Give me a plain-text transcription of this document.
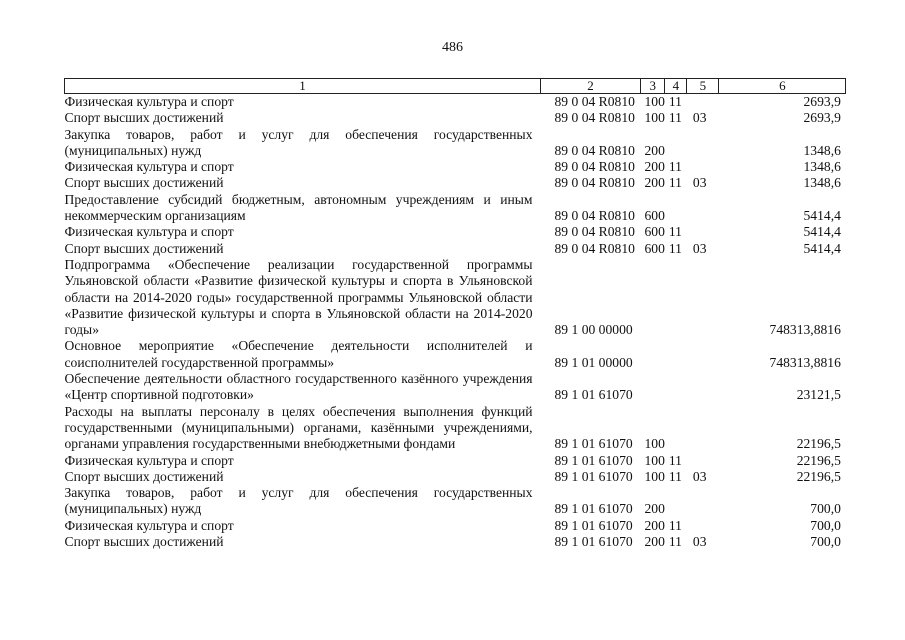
486
1	2	3	4	5	6
Физическая культура и спорт	89 0 04 R0810	100	11		2693,9
Спорт высших достижений	89 0 04 R0810	100	11	03	2693,9
Закупка товаров, работ и услуг для обеспечения государственных (муниципальных) нужд	89 0 04 R0810	200			1348,6
Физическая культура и спорт	89 0 04 R0810	200	11		1348,6
Спорт высших достижений	89 0 04 R0810	200	11	03	1348,6
Предоставление субсидий бюджетным, автономным учреждениям и иным некоммерческим организациям	89 0 04 R0810	600			5414,4
Физическая культура и спорт	89 0 04 R0810	600	11		5414,4
Спорт высших достижений	89 0 04 R0810	600	11	03	5414,4
Подпрограмма «Обеспечение реализации государственной программы Ульяновской области «Развитие физической культуры и спорта в Ульяновской области на 2014-2020 годы» государственной программы Ульяновской области «Развитие физической культуры и спорта в Ульяновской области на 2014-2020 годы»	89 1 00 00000				748313,8816
Основное мероприятие «Обеспечение деятельности исполнителей и соисполнителей государственной программы»	89 1 01 00000				748313,8816
Обеспечение деятельности областного государственного казённого учреждения «Центр спортивной подготовки»	89 1 01 61070				23121,5
Расходы на выплаты персоналу в целях обеспечения выполнения функций государственными (муниципальными) органами, казёнными учреждениями, органами управления государственными внебюджетными фондами	89 1 01 61070	100			22196,5
Физическая культура и спорт	89 1 01 61070	100	11		22196,5
Спорт высших достижений	89 1 01 61070	100	11	03	22196,5
Закупка товаров, работ и услуг для обеспечения государственных (муниципальных) нужд	89 1 01 61070	200			700,0
Физическая культура и спорт	89 1 01 61070	200	11		700,0
Спорт высших достижений	89 1 01 61070	200	11	03	700,0
